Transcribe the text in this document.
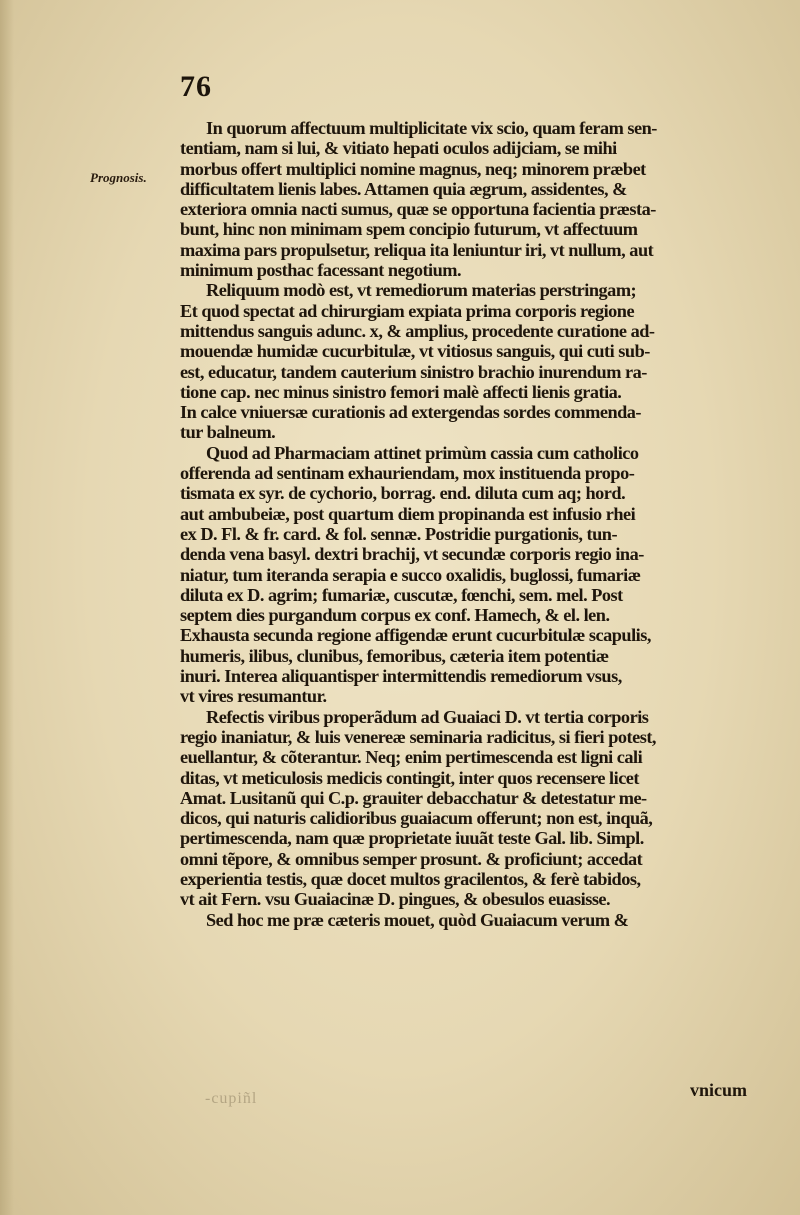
76
Prognosis.
In quorum affectuum multiplicitate vix scio, quam feram sen-
tentiam, nam si lui, & vitiato hepati oculos adijciam, se mihi
morbus offert multiplici nomine magnus, neq; minorem præbet
difficultatem lienis labes. Attamen quia ægrum, assidentes, &
exteriora omnia nacti sumus, quæ se opportuna facientia præsta-
bunt, hinc non minimam spem concipio futurum, vt affectuum
maxima pars propulsetur, reliqua ita leniuntur iri, vt nullum, aut
minimum posthac facessant negotium.
Reliquum modò est, vt remediorum materias perstringam;
Et quod spectat ad chirurgiam expiata prima corporis regione
mittendus sanguis adunc. x, & amplius, procedente curatione ad-
mouendæ humidæ cucurbitulæ, vt vitiosus sanguis, qui cuti sub-
est, educatur, tandem cauterium sinistro brachio inurendum ra-
tione cap. nec minus sinistro femori malè affecti lienis gratia.
In calce vniuersæ curationis ad extergendas sordes commenda-
tur balneum.
Quod ad Pharmaciam attinet primùm cassia cum catholico
offerenda ad sentinam exhauriendam, mox instituenda propo-
tismata ex syr. de cychorio, borrag. end. diluta cum aq; hord.
aut ambubeiæ, post quartum diem propinanda est infusio rhei
ex D. Fl. & fr. card. & fol. sennæ. Postridie purgationis, tun-
denda vena basyl. dextri brachij, vt secundæ corporis regio ina-
niatur, tum iteranda serapia e succo oxalidis, buglossi, fumariæ
diluta ex D. agrim; fumariæ, cuscutæ, fœnchi, sem. mel. Post
septem dies purgandum corpus ex conf. Hamech, & el. len.
Exhausta secunda regione affigendæ erunt cucurbitulæ scapulis,
humeris, ilibus, clunibus, femoribus, cæteria item potentiæ
inuri. Interea aliquantisper intermittendis remediorum vsus,
vt vires resumantur.
Refectis viribus properãdum ad Guaiaci D. vt tertia corporis
regio inaniatur, & luis venereæ seminaria radicitus, si fieri potest,
euellantur, & cõterantur. Neq; enim pertimescenda est ligni cali
ditas, vt meticulosis medicis contingit, inter quos recensere licet
Amat. Lusitanũ qui C.p. grauiter debacchatur & detestatur me-
dicos, qui naturis calidioribus guaiacum offerunt; non est, inquã,
pertimescenda, nam quæ proprietate iuuãt teste Gal. lib. Simpl.
omni tẽpore, & omnibus semper prosunt. & proficiunt; accedat
experientia testis, quæ docet multos gracilentos, & ferè tabidos,
vt ait Fern. vsu Guaiacinæ D. pingues, & obesulos euasisse.
Sed hoc me præ cæteris mouet, quòd Guaiacum verum &
vnicum
-cupiñl
